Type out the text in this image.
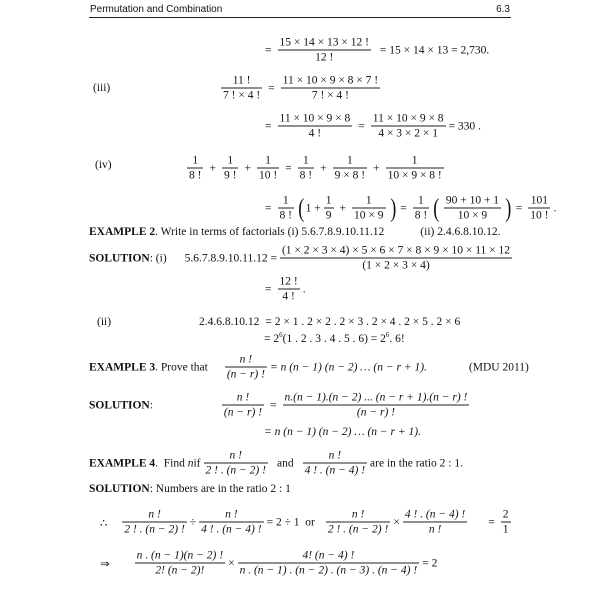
Permutation and Combination	6.3
= $\frac{15 \times 14 \times 13 \times 12 !}{12 !} = 15 \times 14 \times 13 = 2,730$.
(iii)	$\frac{11 !}{7 ! \times 4 !} = \frac{11 \times 10 \times 9 \times 8 \times 7 !}{7 ! \times 4 !}$
= $\frac{11 \times 10 \times 9 \times 8}{4 !} = \frac{11 \times 10 \times 9 \times 8}{4 \times 3 \times 2 \times 1} = 330$ .
(iv)	$\frac{1}{8 !} + \frac{1}{9 !} + \frac{1}{10 !} = \frac{1}{8 !} + \frac{1}{9 \times 8 !} + \frac{1}{10 \times 9 \times 8 !}$
= $\frac{1}{8 !}$ ( $1 + \frac{1}{9} + \frac{1}{10 \times 9}$ ) = $\frac{1}{8 !}$ ( $\frac{90 + 10 + 1}{10 \times 9}$ ) = $\frac{101}{10 !}$ .
EXAMPLE 2 . Write in terms of factorials (i) 5.6.7.8.9.10.11.12	(ii) 2.4.6.8.10.12.
SOLUTION : (i) $5.6.7.8.9.10.11.12 = \frac{(1 \times 2 \times 3 \times 4) \times 5 \times 6 \times 7 \times 8 \times 9 \times 10 \times 11 \times 12}{(1 \times 2 \times 3 \times 4)}$
= $\frac{12 !}{4 !}$ .
(ii)	2.4.6.8.10.12 = 2 × 1 . 2 × 2 . 2 × 3 . 2 × 4 . 2 × 5 . 2 × 6
= $2^6(1$ . 2 . 3 . 4 . 5 . $6) = 2^6$. 6!
EXAMPLE 3 . Prove that $\frac{n !}{(n - r) !} = n$ (n − 1) (n − 2) … (n − r + 1).	(MDU 2011)
SOLUTION :	$\frac{n !}{(n - r) !} = \frac{n.(n - 1).(n - 2) ... (n - r + 1).(n - r) !}{(n - r) !}$
= n (n − 1) (n − 2) … (n − r + 1).
EXAMPLE 4 .  Find n if $\frac{n !}{2 ! . (n - 2) !}$ and $\frac{n !}{4 ! . (n - 4) !}$ are in the ratio 2 : 1.
SOLUTION : Numbers are in the ratio 2 : 1
∴ $\frac{n !}{2 ! . (n - 2) !} \div \frac{n !}{4 ! . (n - 4) !} = 2 \div 1$  or $\frac{n !}{2 ! . (n - 2) !} \times \frac{4 ! . (n - 4) !}{n !} = \frac{2}{1}$
⇒ $\frac{n . (n - 1)(n - 2) !}{2! (n - 2)!} \times \frac{4! (n - 4) !}{n . (n - 1) . (n - 2) . (n - 3) . (n - 4) !} = 2$
